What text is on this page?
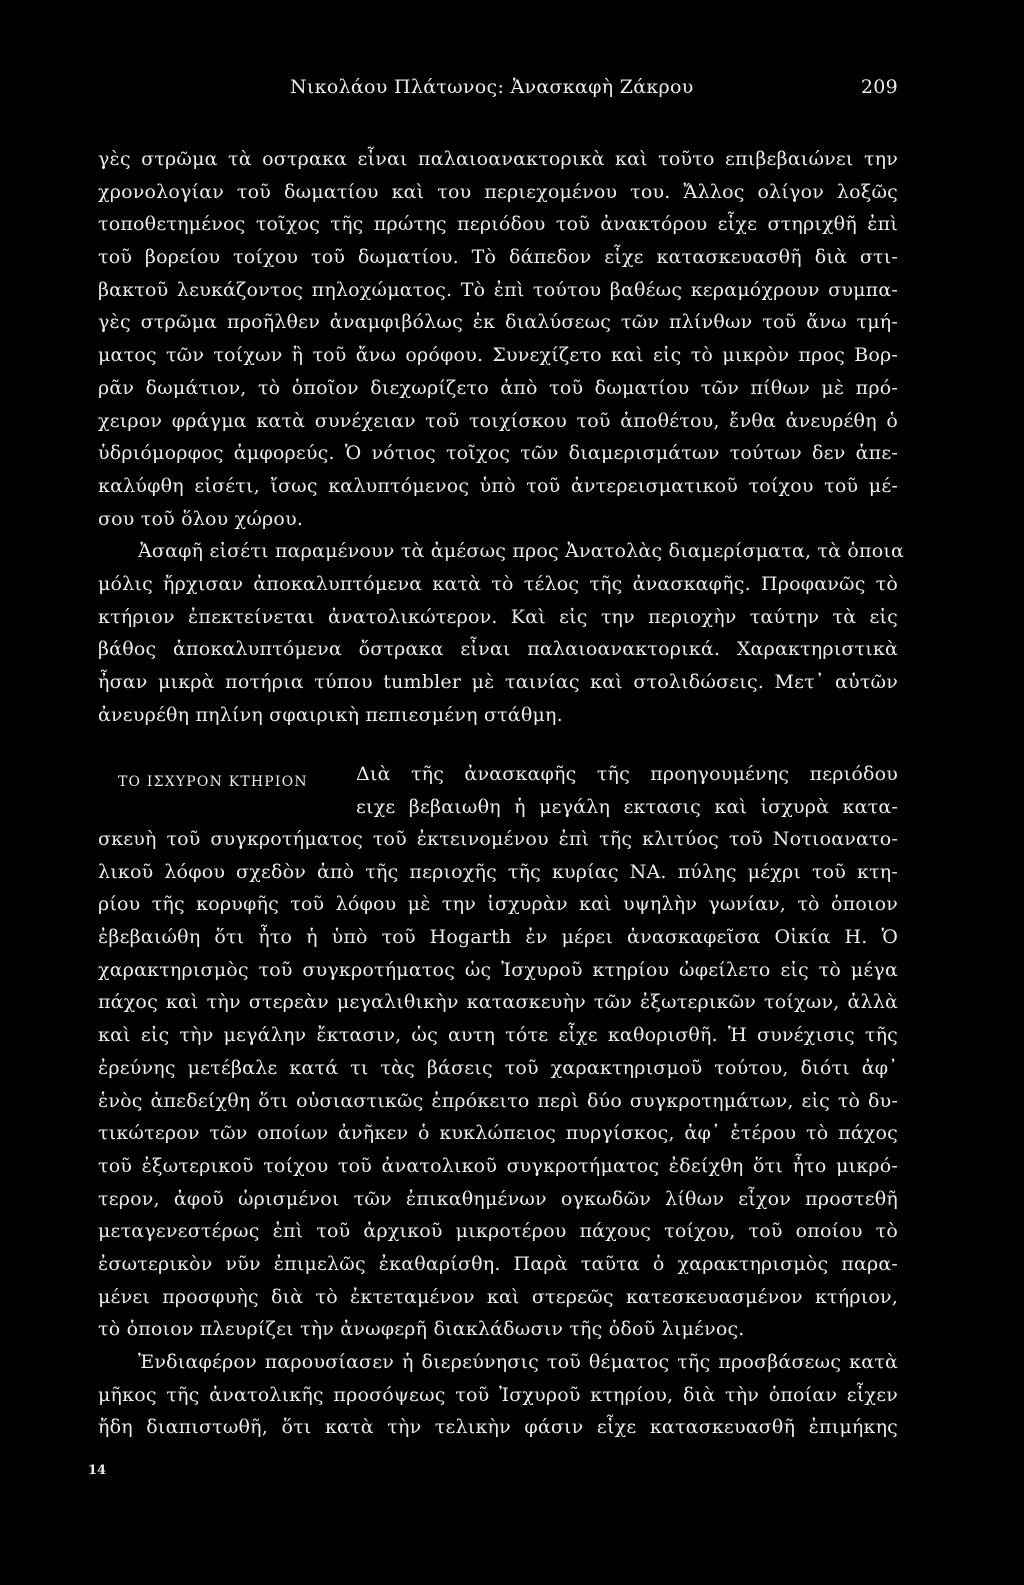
Νικολάου Πλάτωνος: Ἀνασκαφὴ Ζάκρου	209
γὲς στρῶμα τὰ οστρακα εἶναι παλαιοανακτορικὰ καὶ τοῦτο επιβεβαιώνει την
χρονολογίαν τοῦ δωματίου καὶ του περιεχομένου του. Ἄλλος ολίγον λοξῶς
τοποθετημένος τοῖχος τῆς πρώτης περιόδου τοῦ ἀνακτόρου εἶχε στηριχθῆ ἐπὶ
τοῦ βορείου τοίχου τοῦ δωματίου. Τὸ δάπεδον εἶχε κατασκευασθῆ διὰ στι-
βακτοῦ λευκάζοντος πηλοχώματος. Τὸ ἐπὶ τούτου βαθέως κεραμόχρουν συμπα-
γὲς στρῶμα προῆλθεν ἀναμφιβόλως ἐκ διαλύσεως τῶν πλίνθων τοῦ ἄνω τμή-
ματος τῶν τοίχων ἢ τοῦ ἄνω ορόφου. Συνεχίζετο καὶ εἰς τὸ μικρὸν προς Βορ-
ρᾶν δωμάτιον, τὸ ὁποῖον διεχωρίζετο ἀπὸ τοῦ δωματίου τῶν πίθων μὲ πρό-
χειρον φράγμα κατὰ συνέχειαν τοῦ τοιχίσκου τοῦ ἀποθέτου, ἔνθα ἀνευρέθη ὁ
ὑδριόμορφος ἀμφορεύς. Ὁ νότιος τοῖχος τῶν διαμερισμάτων τούτων δεν ἀπε-
καλύφθη εἰσέτι, ἴσως καλυπτόμενος ὑπὸ τοῦ ἀντερεισματικοῦ τοίχου τοῦ μέ-
σου τοῦ ὅλου χώρου.
Ἀσαφῆ εἰσέτι παραμένουν τὰ ἀμέσως προς Ἀνατολὰς διαμερίσματα, τὰ ὁποια
μόλις ἤρχισαν ἀποκαλυπτόμενα κατὰ τὸ τέλος τῆς ἀνασκαφῆς. Προφανῶς τὸ
κτήριον ἐπεκτείνεται ἀνατολικώτερον. Καὶ εἰς την περιοχὴν ταύτην τὰ εἰς
βάθος ἀποκαλυπτόμενα ὄστρακα εἶναι παλαιοανακτορικά. Χαρακτηριστικὰ
ἦσαν μικρὰ ποτήρια τύπου tumbler μὲ ταινίας καὶ στολιδώσεις. Μετ᾽ αὐτῶν
ἀνευρέθη πηλίνη σφαιρικὴ πεπιεσμένη στάθμη.
ΤΟ ΙΣΧΥΡΟΝ ΚΤΗΡΙΟΝ	Διὰ τῆς ἀνασκαφῆς τῆς προηγουμένης περιόδου
ειχε βεβαιωθη ἡ μεγάλη εκτασις καὶ ἰσχυρὰ κατα-
σκευὴ τοῦ συγκροτήματος τοῦ ἐκτεινομένου ἐπὶ τῆς κλιτύος τοῦ Νοτιοανατο-
λικοῦ λόφου σχεδὸν ἀπὸ τῆς περιοχῆς τῆς κυρίας ΝΑ. πύλης μέχρι τοῦ κτη-
ρίου τῆς κορυφῆς τοῦ λόφου μὲ την ἰσχυρὰν καὶ υψηλὴν γωνίαν, τὸ ὁποιον
ἐβεβαιώθη ὅτι ἦτο ἡ ὑπὸ τοῦ Hogarth ἐν μέρει ἀνασκαφεῖσα Οἰκία Η. Ὁ
χαρακτηρισμὸς τοῦ συγκροτήματος ὡς Ἰσχυροῦ κτηρίου ὠφείλετο εἰς τὸ μέγα
πάχος καὶ τὴν στερεὰν μεγαλιθικὴν κατασκευὴν τῶν ἐξωτερικῶν τοίχων, ἀλλὰ
καὶ εἰς τὴν μεγάλην ἔκτασιν, ὡς αυτη τότε εἶχε καθορισθῆ. Ἡ συνέχισις τῆς
ἐρεύνης μετέβαλε κατά τι τὰς βάσεις τοῦ χαρακτηρισμοῦ τούτου, διότι ἀφ᾽
ἑνὸς ἀπεδείχθη ὅτι οὐσιαστικῶς ἐπρόκειτο περὶ δύο συγκροτημάτων, εἰς τὸ δυ-
τικώτερον τῶν οποίων ἀνῆκεν ὁ κυκλώπειος πυργίσκος, ἀφ᾽ ἑτέρου τὸ πάχος
τοῦ ἐξωτερικοῦ τοίχου τοῦ ἀνατολικοῦ συγκροτήματος ἐδείχθη ὅτι ἦτο μικρό-
τερον, ἀφοῦ ὡρισμένοι τῶν ἐπικαθημένων ογκωδῶν λίθων εἶχον προστεθῆ
μεταγενεστέρως ἐπὶ τοῦ ἀρχικοῦ μικροτέρου πάχους τοίχου, τοῦ οποίου τὸ
ἐσωτερικὸν νῦν ἐπιμελῶς ἐκαθαρίσθη. Παρὰ ταῦτα ὁ χαρακτηρισμὸς παρα-
μένει προσφυὴς διὰ τὸ ἐκτεταμένον καὶ στερεῶς κατεσκευασμένον κτήριον,
τὸ ὁποιον πλευρίζει τὴν ἀνωφερῆ διακλάδωσιν τῆς ὁδοῦ λιμένος.
Ἐνδιαφέρον παρουσίασεν ἡ διερεύνησις τοῦ θέματος τῆς προσβάσεως κατὰ
μῆκος τῆς ἀνατολικῆς προσόψεως τοῦ Ἰσχυροῦ κτηρίου, διὰ τὴν ὁποίαν εἶχεν
ἤδη διαπιστωθῆ, ὅτι κατὰ τὴν τελικὴν φάσιν εἶχε κατασκευασθῆ ἐπιμήκης
14
